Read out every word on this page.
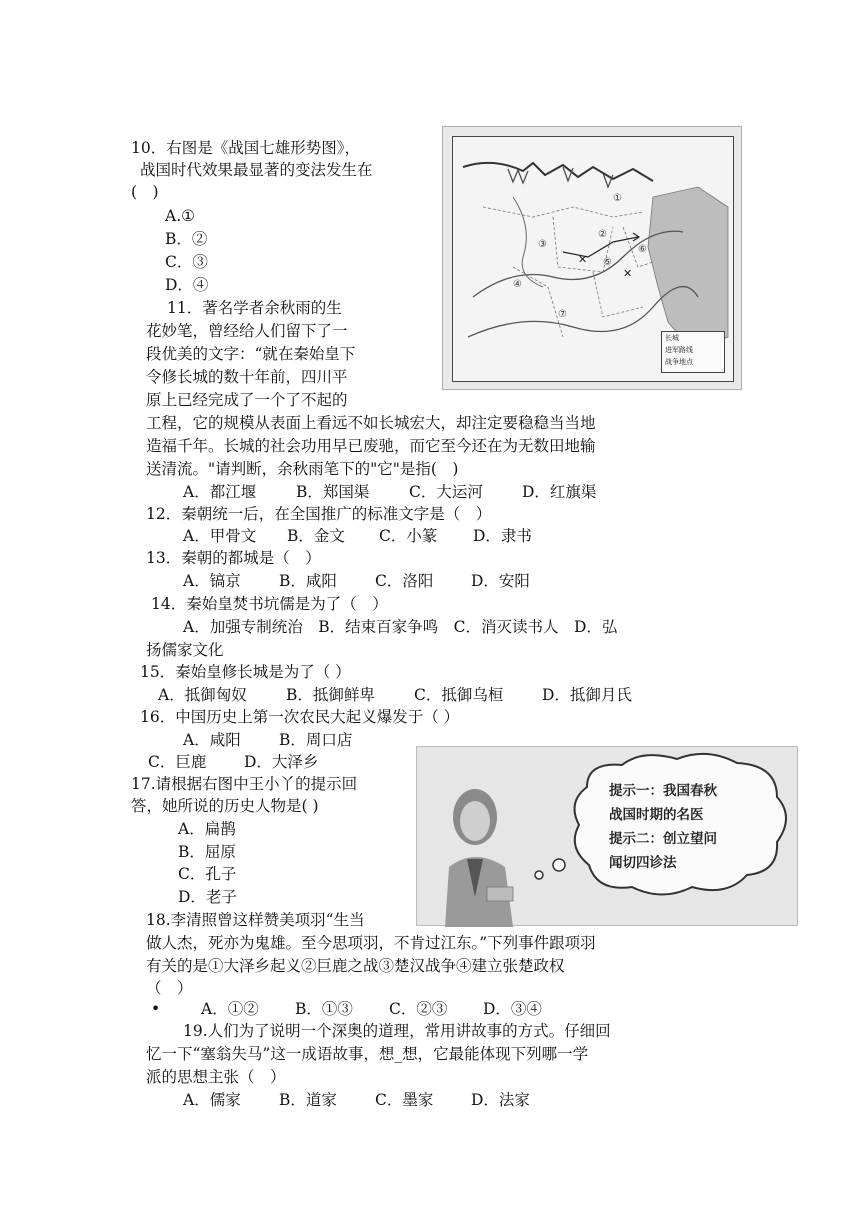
✕
✕
①
②
③
④
⑤
⑥
⑦
长城
进军路线
战争地点
提示一：我国春秋
战国时期的名医
提示二：创立望问
闻切四诊法
10．右图是《战国七雄形势图》，
战国时代效果最显著的变法发生在
(　)
A.①
B．②
C．③
D．④
11．著名学者余秋雨的生
花妙笔，曾经给人们留下了一
段优美的文字：“就在秦始皇下
令修长城的数十年前，四川平
原上已经完成了一个了不起的
工程，它的规模从表面上看远不如长城宏大，却注定要稳稳当当地
造福千年。长城的社会功用早已废驰，而它至今还在为无数田地输
送清流。"请判断，余秋雨笔下的"它"是指(　)
A．都江堰	B．郑国渠	C．大运河	D．红旗渠
12．秦朝统一后，在全国推广的标准文字是（　）
A．甲骨文 B．金文 C．小篆 D．隶书
13．秦朝的都城是（　）
A．镐京 B．咸阳 C．洛阳 D．安阳
14．秦始皇焚书坑儒是为了（　）
A．加强专制统治　B．结束百家争鸣　C．消灭读书人　D．弘
扬儒家文化
15．秦始皇修长城是为了（ ）
A．抵御匈奴	B．抵御鲜卑	C．抵御乌桓 D．抵御月氏
16．中国历史上第一次农民大起义爆发于（ ）
A．咸阳 B．周口店
C．巨鹿 D．大泽乡
17.请根据右图中王小丫的提示回
答，她所说的历史人物是( )
A．扁鹊
B．屈原
C．孔子
D．老子
18.李清照曾这样赞美项羽“生当
做人杰，死亦为鬼雄。至今思项羽，不肯过江东。”下列事件跟项羽
有关的是①大泽乡起义②巨鹿之战③楚汉战争④建立张楚政权
（　）
•	A．①② B．①③ C．②③ D．③④
19.人们为了说明一个深奥的道理，常用讲故事的方式。仔细回
忆一下“塞翁失马”这一成语故事，想_想，它最能体现下列哪一学
派的思想主张（　）
A．儒家 B．道家 C．墨家 D．法家
